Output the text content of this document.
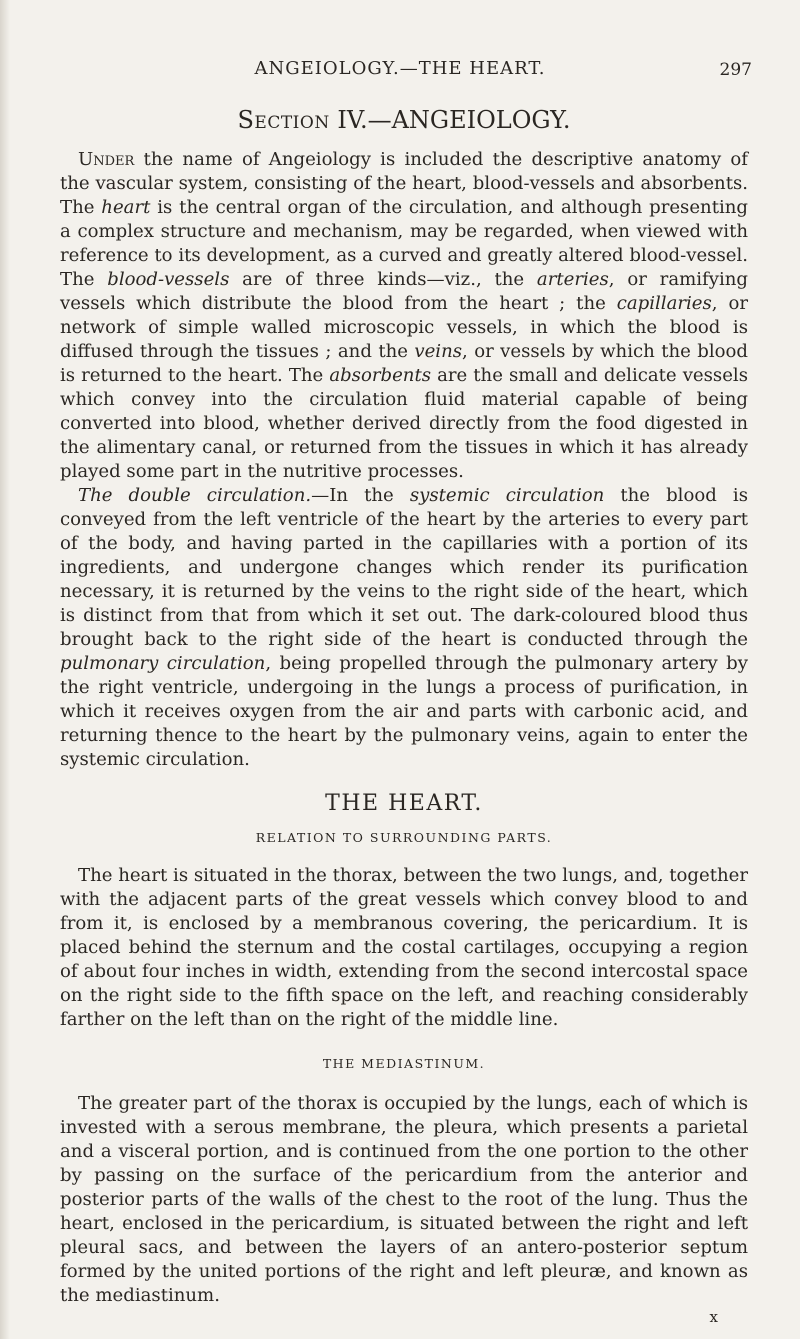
ANGEIOLOGY.—THE HEART.	297
Section IV.—ANGEIOLOGY.

Under the name of Angeiology is included the descriptive anatomy of the vascular system, consisting of the heart, blood-vessels and absorbents. The heart is the central organ of the circulation, and although presenting a complex structure and mechanism, may be regarded, when viewed with reference to its development, as a curved and greatly altered blood-vessel. The blood-vessels are of three kinds—viz., the arteries, or ramifying vessels which distribute the blood from the heart ; the capillaries, or network of simple walled microscopic vessels, in which the blood is diffused through the tissues ; and the veins, or vessels by which the blood is returned to the heart. The absorbents are the small and delicate vessels which convey into the circulation fluid material capable of being converted into blood, whether derived directly from the food digested in the alimentary canal, or returned from the tissues in which it has already played some part in the nutritive processes.

The double circulation.—In the systemic circulation the blood is conveyed from the left ventricle of the heart by the arteries to every part of the body, and having parted in the capillaries with a portion of its ingredients, and undergone changes which render its purification necessary, it is returned by the veins to the right side of the heart, which is distinct from that from which it set out. The dark-coloured blood thus brought back to the right side of the heart is conducted through the pulmonary circulation, being propelled through the pulmonary artery by the right ventricle, undergoing in the lungs a process of purification, in which it receives oxygen from the air and parts with carbonic acid, and returning thence to the heart by the pulmonary veins, again to enter the systemic circulation.

THE HEART.
RELATION TO SURROUNDING PARTS.

The heart is situated in the thorax, between the two lungs, and, together with the adjacent parts of the great vessels which convey blood to and from it, is enclosed by a membranous covering, the pericardium. It is placed behind the sternum and the costal cartilages, occupying a region of about four inches in width, extending from the second intercostal space on the right side to the fifth space on the left, and reaching considerably farther on the left than on the right of the middle line.

THE MEDIASTINUM.

The greater part of the thorax is occupied by the lungs, each of which is invested with a serous membrane, the pleura, which presents a parietal and a visceral portion, and is continued from the one portion to the other by passing on the surface of the pericardium from the anterior and posterior parts of the walls of the chest to the root of the lung. Thus the heart, enclosed in the pericardium, is situated between the right and left pleural sacs, and between the layers of an antero-posterior septum formed by the united portions of the right and left pleuræ, and known as the mediastinum.

x
